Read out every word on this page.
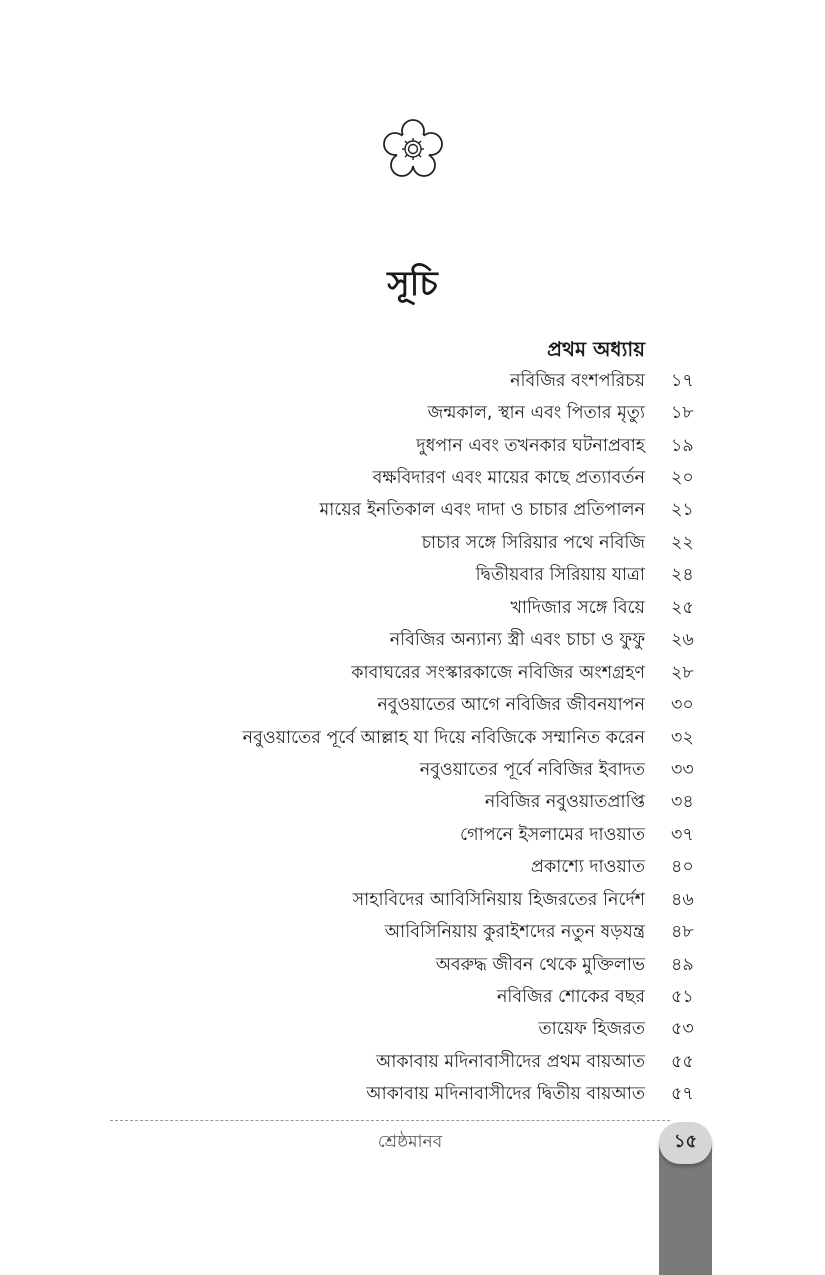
সূচি
প্রথম অধ্যায়
নবিজির বংশপরিচয়	১৭
জন্মকাল, স্থান এবং পিতার মৃত্যু	১৮
দুধপান এবং তখনকার ঘটনাপ্রবাহ	১৯
বক্ষবিদারণ এবং মায়ের কাছে প্রত্যাবর্তন	২০
মায়ের ইনতিকাল এবং দাদা ও চাচার প্রতিপালন	২১
চাচার সঙ্গে সিরিয়ার পথে নবিজি	২২
দ্বিতীয়বার সিরিয়ায় যাত্রা	২৪
খাদিজার সঙ্গে বিয়ে	২৫
নবিজির অন্যান্য স্ত্রী এবং চাচা ও ফুফু	২৬
কাবাঘরের সংস্কারকাজে নবিজির অংশগ্রহণ	২৮
নবুওয়াতের আগে নবিজির জীবনযাপন	৩০
নবুওয়াতের পূর্বে আল্লাহ যা দিয়ে নবিজিকে সম্মানিত করেন	৩২
নবুওয়াতের পূর্বে নবিজির ইবাদত	৩৩
নবিজির নবুওয়াতপ্রাপ্তি	৩৪
গোপনে ইসলামের দাওয়াত	৩৭
প্রকাশ্যে দাওয়াত	৪০
সাহাবিদের আবিসিনিয়ায় হিজরতের নির্দেশ	৪৬
আবিসিনিয়ায় কুরাইশদের নতুন ষড়যন্ত্র	৪৮
অবরুদ্ধ জীবন থেকে মুক্তিলাভ	৪৯
নবিজির শোকের বছর	৫১
তায়েফ হিজরত	৫৩
আকাবায় মদিনাবাসীদের প্রথম বায়আত	৫৫
আকাবায় মদিনাবাসীদের দ্বিতীয় বায়আত	৫৭
শ্রেষ্ঠমানব	১৫
